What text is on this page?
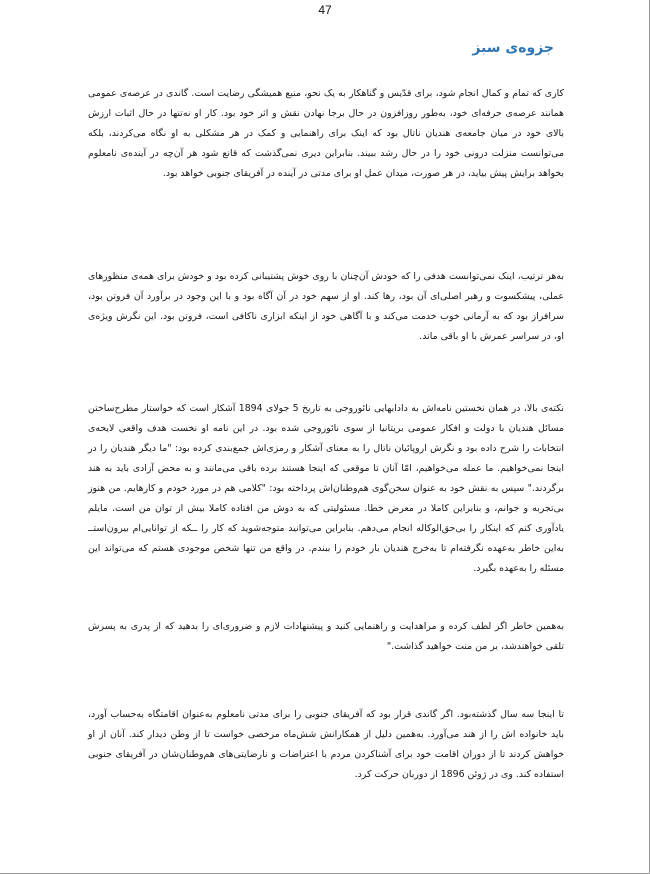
47
جزوه‌ی سبز

کاری که تمام و کمال انجام شود، برای قدّیس و گناهکار به یک نحو، منبع همیشگی رضایت است. گاندی در عرصه‌ی عمومی همانند عرصه‌ی حرفه‌ای خود، به‌طور روزافزون در حال برجا نهادن نقش و اثر خود بود. کار او نه‌تنها در حال اثبات ارزش بالای خود در میان جامعه‌ی هندیان ناتال بود که اینک برای راهنمایی و کمک در هر مشکلی به او نگاه می‌کردند، بلکه می‌توانست منزلت درونی خود را در حال رشد ببیند. بنابراین دیری نمی‌گذشت که قانع شود هر آن‌چه در آینده‌ی نامعلوم بخواهد برایش پیش بیاید، در هر صورت، میدان عمل او برای مدتی در آینده در آفریقای جنوبی خواهد بود.

به‌هر ترتیب، اینک نمی‌توانست هدفی را که خودش آن‌چنان با روی خوش پشتیبانی کرده بود و خودش برای همه‌ی منظورهای عملی، پیشکسوت و رهبر اصلی‌ای آن بود، رها کند. او از سهم خود در آن آگاه بود و با این وجود در برآورد آن فروتن بود، سرافراز بود که به آرمانی خوب خدمت می‌کند و با آگاهی خود از اینکه ابزاری ناکافی است، فروتن بود. این نگرش ویژه‌ی او، در سراسر عمرش با او باقی ماند.

نکته‌ی بالا، در همان نخستین نامه‌اش به دادابهایی نائوروجی به تاریخ 5 جولای 1894 آشکار است که خواستار مطرح‌ساختن مسائل هندیان با دولت و افکار عمومی بریتانیا از سوی نائوروجی شده بود. در این نامه او نخست هدف واقعی لایحه‌ی انتخابات را شرح داده بود و نگرش اروپائیان ناتال را به معنای آشکار و رمزی‌اش جمع‌بندی کرده بود: "ما دیگر هندیان را در اینجا نمی‌خواهیم. ما عمله می‌خواهیم، امّا آنان تا موقعی که اینجا هستند برده باقی می‌مانند و به محض آزادی باید به هند برگردند." سپس به نقش خود به عنوان سخن‌گوی هم‌وطنان‌اش پرداخته بود: "کلامی هم در مورد خودم و کارهایم. من هنوز بی‌تجربه و جوانم، و بنابراین کاملا در معرض خطا. مسئولیتی که به دوش من افتاده کاملا بیش از توان من است. مایلم یادآوری کنم که اینکار را بی‌حق‌الوکاله انجام می‌دهم. بنابراین می‌توانید متوجه‌شوید که کار را ــکه از توانایی‌ام بیرون‌استــ به‌این خاطر به‌عهده نگرفته‌ام تا به‌خرج هندیان بار خودم را ببندم. در واقع من تنها شخص موجودی هستم که می‌تواند این مسئله را به‌عهده بگیرد.

به‌همین خاطر اگر لطف کرده و مراهدایت و راهنمایی کنید و پیشنهادات لازم و ضروری‌ای را بدهید که از پدری به پسرش تلقی خواهندشد، بر من منت خواهید گذاشت."

تا اینجا سه سال گذشته‌بود. اگر گاندی قرار بود که آفریقای جنوبی را برای مدتی نامعلوم به‌عنوان اقامتگاه به‌حساب آورد، باید خانواده اش را از هند می‌آورد. به‌همین دلیل از همکارانش شش‌ماه مرخصی خواست تا از وطن دیدار کند. آنان از او خواهش کردند تا از دوران اقامت خود برای آشناکردن مردم با اعتراضات و نارضایتی‌های هم‌وطنان‌شان در آفریقای جنوبی استفاده کند. وی در ژوئن 1896 از دوربان حرکت کرد.
